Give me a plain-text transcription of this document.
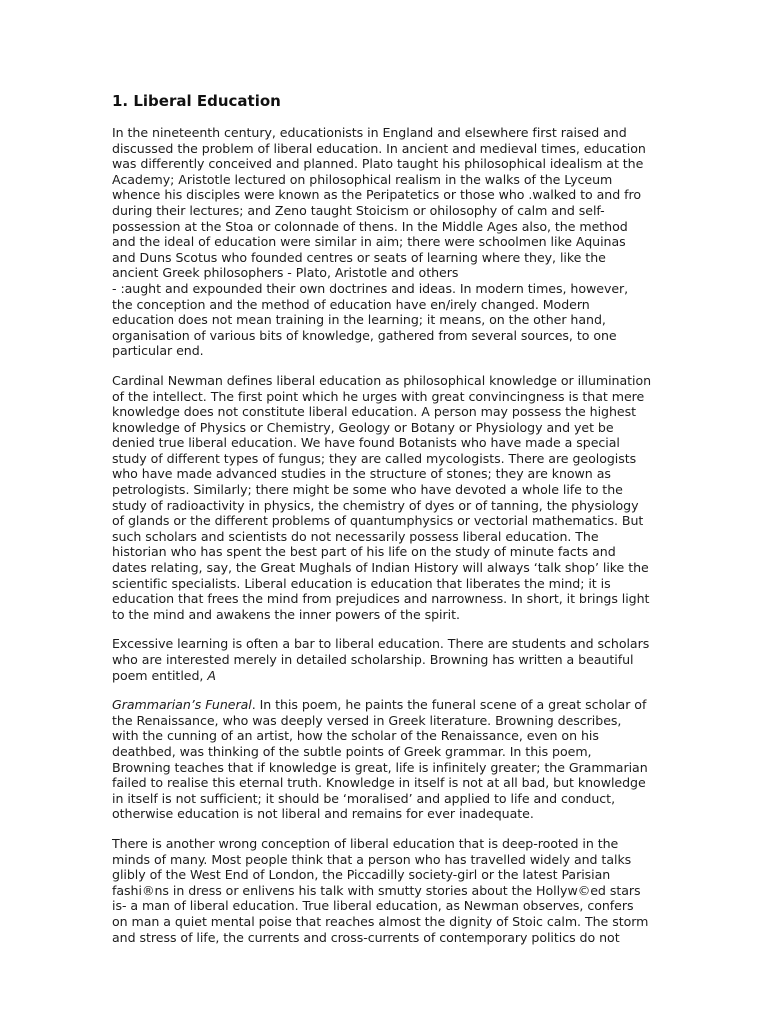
1. Liberal Education

In the nineteenth century, educationists in England and elsewhere first raised and
discussed the problem of liberal education. In ancient and medieval times, education
was differently conceived and planned. Plato taught his philosophical idealism at the
Academy; Aristotle lectured on philosophical realism in the walks of the Lyceum
whence his disciples were known as the Peripatetics or those who .walked to and fro
during their lectures; and Zeno taught Stoicism or ohilosophy of calm and self-
possession at the Stoa or colonnade of thens. In the Middle Ages also, the method
and the ideal of education were similar in aim; there were schoolmen like Aquinas
and Duns Scotus who founded centres or seats of learning where they, like the
ancient Greek philosophers - Plato, Aristotle and others
- :aught and expounded their own doctrines and ideas. In modern times, however,
the conception and the method of education have en/irely changed. Modern
education does not mean training in the learning; it means, on the other hand,
organisation of various bits of knowledge, gathered from several sources, to one
particular end.

Cardinal Newman defines liberal education as philosophical knowledge or illumination
of the intellect. The first point which he urges with great convincingness is that mere
knowledge does not constitute liberal education. A person may possess the highest
knowledge of Physics or Chemistry, Geology or Botany or Physiology and yet be
denied true liberal education. We have found Botanists who have made a special
study of different types of fungus; they are called mycologists. There are geologists
who have made advanced studies in the structure of stones; they are known as
petrologists. Similarly; there might be some who have devoted a whole life to the
study of radioactivity in physics, the chemistry of dyes or of tanning, the physiology
of glands or the different problems of quantumphysics or vectorial mathematics. But
such scholars and scientists do not necessarily possess liberal education. The
historian who has spent the best part of his life on the study of minute facts and
dates relating, say, the Great Mughals of Indian History will always ‘talk shop’ like the
scientific specialists. Liberal education is education that liberates the mind; it is
education that frees the mind from prejudices and narrowness. In short, it brings light
to the mind and awakens the inner powers of the spirit.

Excessive learning is often a bar to liberal education. There are students and scholars
who are interested merely in detailed scholarship. Browning has written a beautiful
poem entitled, A

Grammarian’s Funeral. In this poem, he paints the funeral scene of a great scholar of
the Renaissance, who was deeply versed in Greek literature. Browning describes,
with the cunning of an artist, how the scholar of the Renaissance, even on his
deathbed, was thinking of the subtle points of Greek grammar. In this poem,
Browning teaches that if knowledge is great, life is infinitely greater; the Grammarian
failed to realise this eternal truth. Knowledge in itself is not at all bad, but knowledge
in itself is not sufficient; it should be ‘moralised’ and applied to life and conduct,
otherwise education is not liberal and remains for ever inadequate.

There is another wrong conception of liberal education that is deep-rooted in the
minds of many. Most people think that a person who has travelled widely and talks
glibly of the West End of London, the Piccadilly society-girl or the latest Parisian
fashi®ns in dress or enlivens his talk with smutty stories about the Hollyw©ed stars
is- a man of liberal education. True liberal education, as Newman observes, confers
on man a quiet mental poise that reaches almost the dignity of Stoic calm. The storm
and stress of life, the currents and cross-currents of contemporary politics do not
